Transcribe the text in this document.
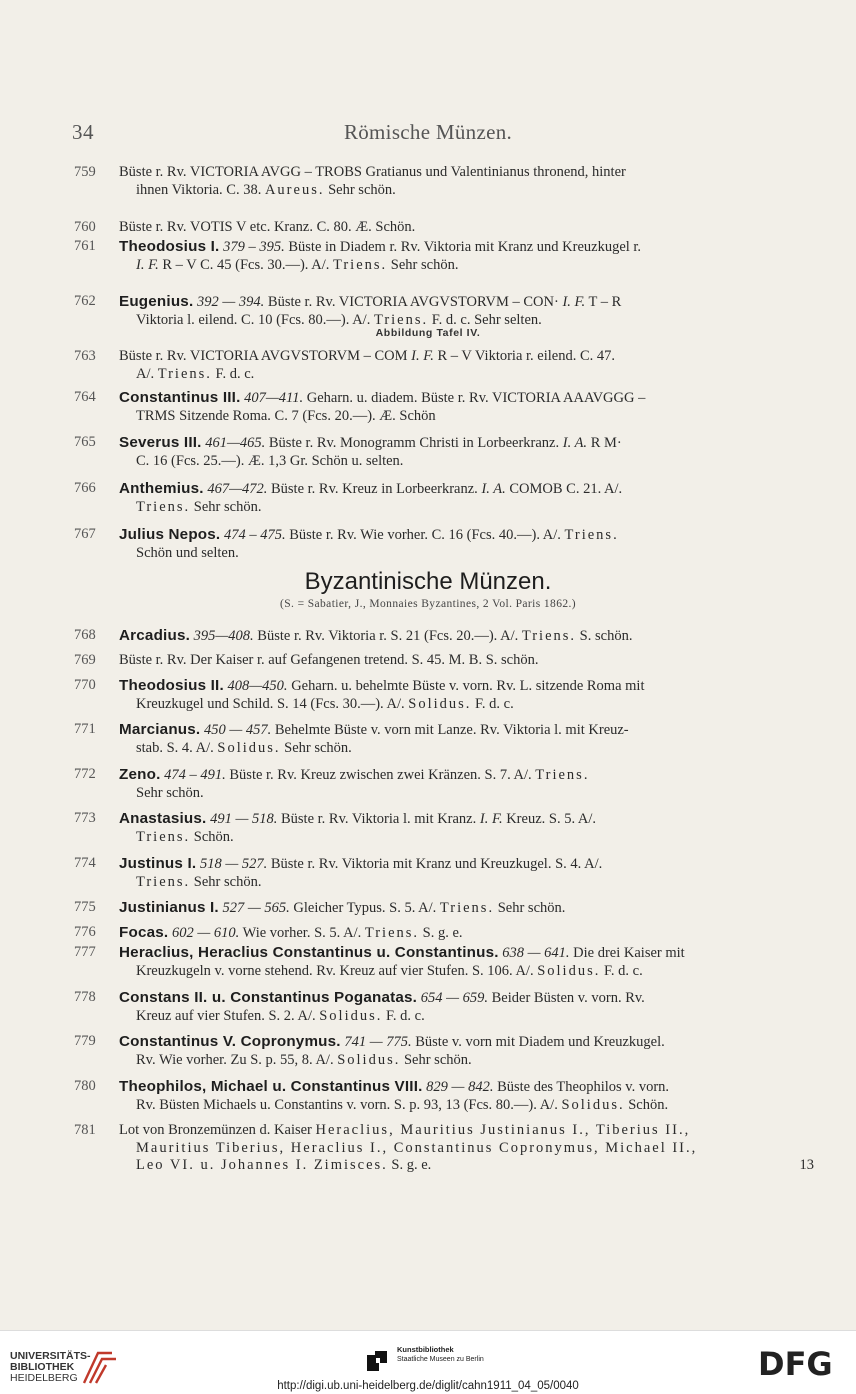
34	Römische Münzen.
759	Büste r. Rv. VICTORIA AVGG – TROBS Gratianus und Valentinianus thronend, hinter
ihnen Viktoria. C. 38. Aureus. Sehr schön.
760	Büste r. Rv. VOTIS V etc. Kranz. C. 80. Æ. Schön.
761	Theodosius I. 379 – 395. Büste in Diadem r. Rv. Viktoria mit Kranz und Kreuzkugel r.
I. F. R – V C. 45 (Fcs. 30.—). A/. Triens. Sehr schön.
762	Eugenius. 392 — 394. Büste r. Rv. VICTORIA AVGVSTORVM – CON· I. F. T – R
Viktoria l. eilend. C. 10 (Fcs. 80.—). A/. Triens. F. d. c. Sehr selten.
763	Büste r. Rv. VICTORIA AVGVSTORVM – COM I. F. R – V Viktoria r. eilend. C. 47.
A/. Triens. F. d. c.
764	Constantinus III. 407—411. Geharn. u. diadem. Büste r. Rv. VICTORIA AAAVGGG –
TRMS Sitzende Roma. C. 7 (Fcs. 20.—). Æ. Schön
765	Severus III. 461—465. Büste r. Rv. Monogramm Christi in Lorbeerkranz. I. A. R M·
C. 16 (Fcs. 25.—). Æ. 1,3 Gr. Schön u. selten.
766	Anthemius. 467—472. Büste r. Rv. Kreuz in Lorbeerkranz. I. A. COMOB C. 21. A/.
Triens. Sehr schön.
767	Julius Nepos. 474 – 475. Büste r. Rv. Wie vorher. C. 16 (Fcs. 40.—). A/. Triens.
Schön und selten.
Abbildung Tafel IV.
Byzantinische Münzen.
(S. = Sabatier, J., Monnaies Byzantines, 2 Vol. Paris 1862.)
768	Arcadius. 395—408. Büste r. Rv. Viktoria r. S. 21 (Fcs. 20.—). A/. Triens. S. schön.
769	Büste r. Rv. Der Kaiser r. auf Gefangenen tretend. S. 45. M. B. S. schön.
770	Theodosius II. 408—450. Geharn. u. behelmte Büste v. vorn. Rv. L. sitzende Roma mit
Kreuzkugel und Schild. S. 14 (Fcs. 30.—). A/. Solidus. F. d. c.
771	Marcianus. 450 — 457. Behelmte Büste v. vorn mit Lanze. Rv. Viktoria l. mit Kreuz-
stab. S. 4. A/. Solidus. Sehr schön.
772	Zeno. 474 – 491. Büste r. Rv. Kreuz zwischen zwei Kränzen. S. 7. A/. Triens.
Sehr schön.
773	Anastasius. 491 — 518. Büste r. Rv. Viktoria l. mit Kranz. I. F. Kreuz. S. 5. A/.
Triens. Schön.
774	Justinus I. 518 — 527. Büste r. Rv. Viktoria mit Kranz und Kreuzkugel. S. 4. A/.
Triens. Sehr schön.
775	Justinianus I. 527 — 565. Gleicher Typus. S. 5. A/. Triens. Sehr schön.
776	Focas. 602 — 610. Wie vorher. S. 5. A/. Triens. S. g. e.
777	Heraclius, Heraclius Constantinus u. Constantinus. 638 — 641. Die drei Kaiser mit
Kreuzkugeln v. vorne stehend. Rv. Kreuz auf vier Stufen. S. 106. A/. Solidus. F. d. c.
778	Constans II. u. Constantinus Poganatas. 654 — 659. Beider Büsten v. vorn. Rv.
Kreuz auf vier Stufen. S. 2. A/. Solidus. F. d. c.
779	Constantinus V. Copronymus. 741 — 775. Büste v. vorn mit Diadem und Kreuzkugel.
Rv. Wie vorher. Zu S. p. 55, 8. A/. Solidus. Sehr schön.
780	Theophilos, Michael u. Constantinus VIII. 829 — 842. Büste des Theophilos v. vorn.
Rv. Büsten Michaels u. Constantins v. vorn. S. p. 93, 13 (Fcs. 80.—). A/. Solidus. Schön.
781	Lot von Bronzemünzen d. Kaiser Heraclius, Mauritius Justinianus I., Tiberius II.,
Mauritius Tiberius, Heraclius I., Constantinus Copronymus, Michael II.,
Leo VI. u. Johannes I. Zimisces. S. g. e.	13
UNIVERSITÄTS-
BIBLIOTHEK
HEIDELBERG
Kunstbibliothek
Staatliche Museen zu Berlin	DFG
http://digi.ub.uni-heidelberg.de/diglit/cahn1911_04_05/0040
